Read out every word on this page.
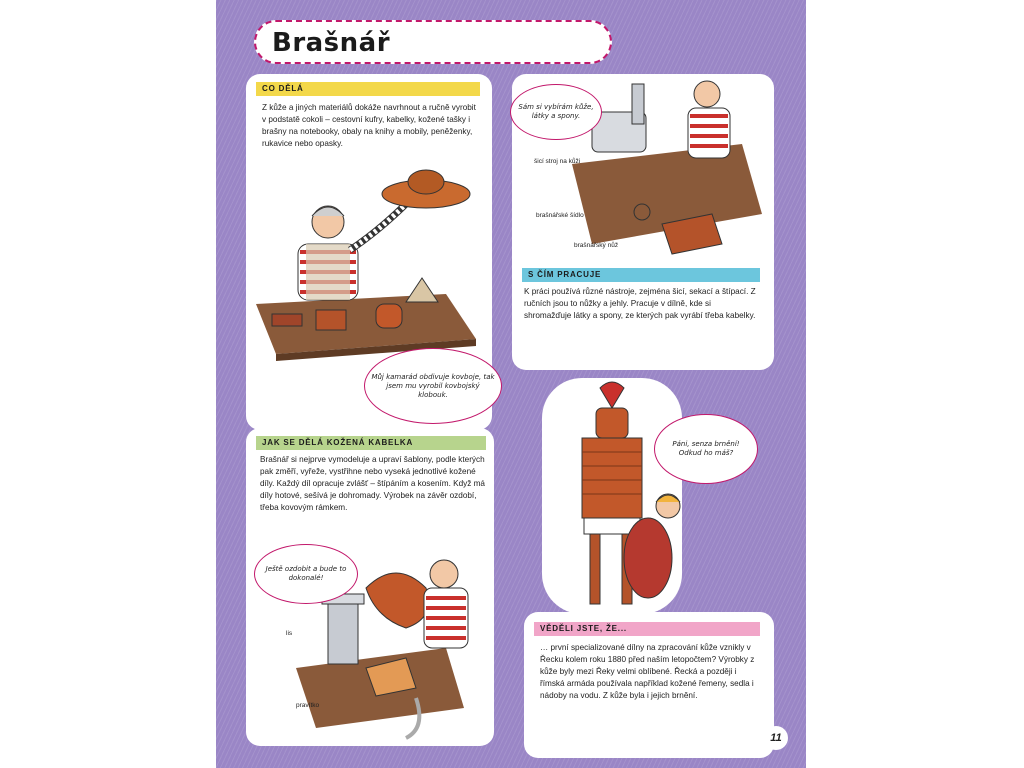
Brašnář
CO DĚLÁ
Z kůže a jiných materiálů dokáže navrhnout a ručně vyrobit v podstatě cokoli – cestovní kufry, kabelky, kožené tašky i brašny na notebooky, obaly na knihy a mobily, peněženky, rukavice nebo opasky.
Můj kamarád obdivuje kovboje, tak jsem mu vyrobil kovbojský klobouk.
Sám si vybírám kůže, látky a spony.
šicí stroj na kůži
brašnářské šídlo
brašnářský nůž
S ČÍM PRACUJE
K práci používá různé nástroje, zejména šicí, sekací a štípací. Z ručních jsou to nůžky a jehly. Pracuje v dílně, kde si shromažďuje látky a spony, ze kterých pak vyrábí třeba kabelky.
JAK SE DĚLÁ KOŽENÁ KABELKA
Brašnář si nejprve vymodeluje a upraví šablony, podle kterých pak změří, vyřeže, vystřihne nebo vyseká jednotlivé kožené díly. Každý díl opracuje zvlášť – štípáním a kosením. Když má díly hotové, sešívá je dohromady. Výrobek na závěr ozdobí, třeba kovovým rámkem.
Ještě ozdobit a bude to dokonalé!
lis
pravítko
Páni, senza brnění! Odkud ho máš?
VĚDĚLI JSTE, ŽE...
… první specializované dílny na zpracování kůže vznikly v Řecku kolem roku 1880 před naším letopočtem? Výrobky z kůže byly mezi Řeky velmi oblíbené. Řecká a později i římská armáda používala například kožené řemeny, sedla i nádoby na vodu. Z kůže byla i jejich brnění.
11
